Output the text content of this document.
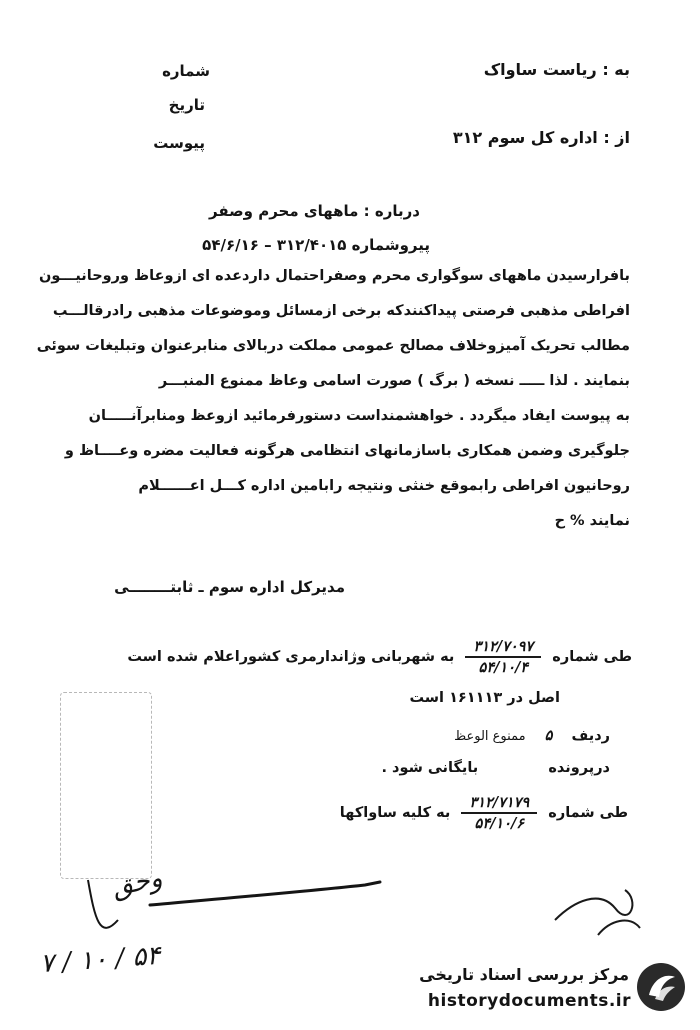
به : ریاست ساواک
از : اداره کل سوم ۳۱۲
شماره
تاریخ
پیوست
درباره : ماههای محرم وصفر
پیروشماره ۳۱۲/۴۰۱۵ – ۵۴/۶/۱۶
بافرارسیدن ماههای سوگواری محرم وصفراحتمال داردعده ای ازوعاظ وروحانیـــون
افراطی مذهبی فرصتی پیداکنندکه برخی ازمسائل وموضوعات مذهبی رادرقالـــب
مطالب تحریک آمیزوخلاف مصالح عمومی مملکت دربالای منابرعنوان وتبلیغات سوئی
بنمایند . لذا ـــــ نسخه ( برگ ) صورت اسامی وعاظ ممنوع المنبـــر
به پیوست ایفاد میگردد . خواهشمنداست دستورفرمائید ازوعظ ومنابرآنـــــان
جلوگیری وضمن همکاری باسازمانهای انتظامی هرگونه فعالیت مضره وعــــاظ و
روحانیون افراطی رابموقع خنثی ونتیجه رابامین اداره کـــل اعــــــلام
نمایند % ح
مدیرکل اداره سوم ـ ثابتــــــــی
طی شماره
$\frac{۳۱۲/۷۰۹۷}{۵۴/۱۰/۴}$
به شهربانی وژاندارمری کشوراعلام شده است
اصل در ۱۶۱۱۱۳ است
ردیف ۵ ممنوع الوعظ
درپرونده  بایگانی شود .
طی شماره
$\frac{۳۱۲/۷۱۷۹}{۵۴/۱۰/۶}$
به کلیه ساواکها
وحق
۷ / ۱۰ / ۵۴	مرکز بررسی اسناد تاریخی
historydocuments.ir
